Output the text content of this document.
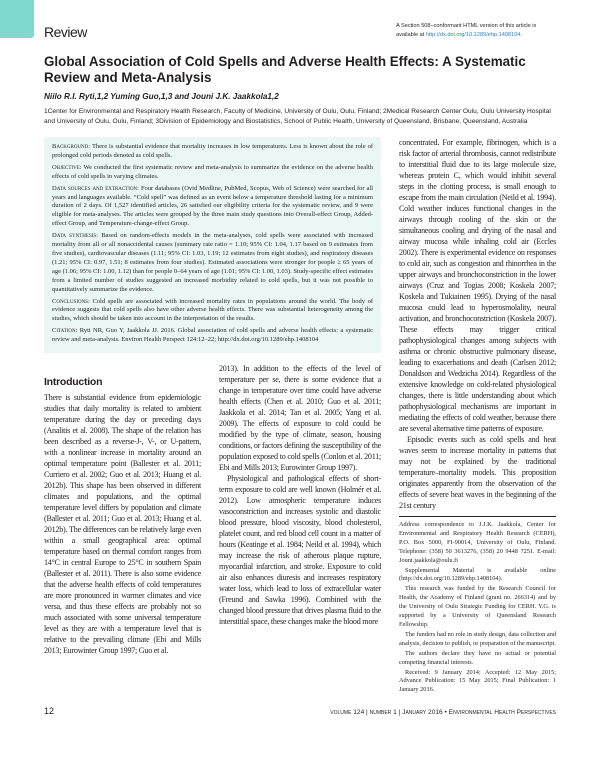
Review	A Section 508–conformant HTML version of this article is available at http://dx.doi.org/10.1289/ehp.1408104.
Global Association of Cold Spells and Adverse Health Effects: A Systematic Review and Meta-Analysis
Niilo R.I. Ryti,1,2 Yuming Guo,1,3 and Jouni J.K. Jaakkola1,2
1Center for Environmental and Respiratory Health Research, Faculty of Medicine, University of Oulu, Oulu, Finland; 2Medical Research Center Oulu, Oulu University Hospital and University of Oulu, Oulu, Finland; 3Division of Epidemiology and Biostatistics, School of Public Health, University of Queensland, Brisbane, Queensland, Australia

Background: There is substantial evidence that mortality increases in low temperatures. Less is known about the role of prolonged cold periods denoted as cold spells.

Objective: We conducted the first systematic review and meta-analysis to summarize the evidence on the adverse health effects of cold spells in varying climates.

Data sources and extraction: Four databases (Ovid Medline, PubMed, Scopus, Web of Science) were searched for all years and languages available. “Cold spell” was defined as an event below a temperature threshold lasting for a minimum duration of 2 days. Of 1,527 identified articles, 26 satisfied our eligibility criteria for the systematic review, and 9 were eligible for meta-analyses. The articles were grouped by the three main study questions into Overall-effect Group, Added-effect Group, and Temperature-change-effect Group.

Data synthesis: Based on random-effects models in the meta-analyses, cold spells were associated with increased mortality from all or all nonaccidental causes (summary rate ratio = 1.10; 95% CI: 1.04, 1.17 based on 9 estimates from five studies), cardiovascular diseases (1.11; 95% CI: 1.03, 1.19; 12 estimates from eight studies), and respiratory diseases (1.21; 95% CI: 0.97, 1.51; 8 estimates from four studies). Estimated associations were stronger for people ≥ 65 years of age (1.06; 95% CI: 1.00, 1.12) than for people 0–64 years of age (1.01; 95% CI: 1.00, 1.03). Study-specific effect estimates from a limited number of studies suggested an increased morbidity related to cold spells, but it was not possible to quantitatively summarize the evidence.

Conclusions: Cold spells are associated with increased mortality rates in populations around the world. The body of evidence suggests that cold spells also have other adverse health effects. There was substantial heterogeneity among the studies, which should be taken into account in the interpretation of the results.

Citation: Ryti NR, Guo Y, Jaakkola JJ. 2016. Global association of cold spells and adverse health effects: a systematic review and meta-analysis. Environ Health Perspect 124:12–22; http://dx.doi.org/10.1289/ehp.1408104

Introduction

There is substantial evidence from epidemiologic studies that daily mortality is related to ambient temperature during the day or preceding days (Analitis et al. 2008). The shape of the relation has been described as a reverse-J-, V-, or U-pattern, with a nonlinear increase in mortality around an optimal temperature point (Ballester et al. 2011; Curriero et al. 2002; Guo et al. 2013; Huang et al. 2012b). This shape has been observed in different climates and populations, and the optimal temperature level differs by population and climate (Ballester et al. 2011; Guo et al. 2013; Huang et al. 2012b). The differences can be relatively large even within a small geographical area: optimal temperature based on thermal comfort ranges from 14°C in central Europe to 25°C in southern Spain (Ballester et al. 2011). There is also some evidence that the adverse health effects of cold temperatures are more pronounced in warmer climates and vice versa, and thus these effects are probably not so much associated with some universal temperature level as they are with a temperature level that is relative to the prevailing climate (Ebi and Mills 2013; Eurowinter Group 1997; Guo et al.

2013). In addition to the effects of the level of temperature per se, there is some evidence that a change in temperature over time could have adverse health effects (Chen et al. 2010; Guo et al. 2011; Jaakkola et al. 2014; Tan et al. 2005; Yang et al. 2009). The effects of exposure to cold could be modified by the type of climate, season, housing conditions, or factors defining the susceptibility of the population exposed to cold spells (Conlon et al. 2011; Ebi and Mills 2013; Eurowinter Group 1997).

Physiological and pathological effects of short-term exposure to cold are well known (Holmér et al. 2012). Low atmospheric temperature induces vasoconstriction and increases systolic and diastolic blood pressure, blood viscosity, blood cholesterol, platelet count, and red blood cell count in a matter of hours (Keatinge et al. 1984; Neild et al. 1994), which may increase the risk of atherous plaque rupture, myocardial infarction, and stroke. Exposure to cold air also enhances diuresis and increases respiratory water loss, which lead to loss of extracellular water (Freund and Sawka 1996). Combined with the changed blood pressure that drives plasma fluid to the interstitial space, these changes make the blood more

concentrated. For example, fibrinogen, which is a risk factor of arterial thrombosis, cannot redistribute to interstitial fluid due to its large molecule size, whereas protein C, which would inhibit several steps in the clotting process, is small enough to escape from the main circulation (Neild et al. 1994). Cold weather induces functional changes in the airways through cooling of the skin or the simultaneous cooling and drying of the nasal and airway mucosa while inhaling cold air (Eccles 2002). There is experimental evidence on responses to cold air, such as congestion and rhinorrhea in the upper airways and bronchoconstriction in the lower airways (Cruz and Togias 2008; Koskela 2007; Koskela and Tukiainen 1995). Drying of the nasal mucosa could lead to hyperosmolality, neural activation, and bronchoconstriction (Koskela 2007). These effects may trigger critical pathophysiological changes among subjects with asthma or chronic obstructive pulmonary disease, leading to exacerbations and death (Carlsen 2012; Donaldson and Wedzicha 2014). Regardless of the extensive knowledge on cold-related physiological changes, there is little understanding about which pathophysiological mechanisms are important in mediating the effects of cold weather, because there are several alternative time patterns of exposure.

Episodic events such as cold spells and heat waves seem to increase mortality in patterns that may not be explained by the traditional temperature–mortality models. This proposition originates apparently from the observation of the effects of severe heat waves in the beginning of the 21st century

Address correspondence to J.J.K. Jaakkola, Center for Environmental and Respiratory Health Research (CERH), P.O. Box 5000, FI-90014, University of Oulu, Finland. Telephone: (358) 50 3613276, (358) 20 9448 7251. E-mail: Jouni.jaakkola@oulu.fi

Supplemental Material is available online (http://dx.doi.org/10.1289/ehp.1408104).

This research was funded by the Research Council for Health, the Academy of Finland (grant no. 266314) and by the University of Oulu Strategic Funding for CERH. Y.G. is supported by a University of Queensland Research Fellowship.

The funders had no role in study design, data collection and analysis, decision to publish, or preparation of the manuscript.

The authors declare they have no actual or potential competing financial interests.

Received: 9 January 2014; Accepted: 12 May 2015; Advance Publication: 15 May 2015; Final Publication: 1 January 2016.

12	volume 124 | number 1 | January 2016 • Environmental Health Perspectives
